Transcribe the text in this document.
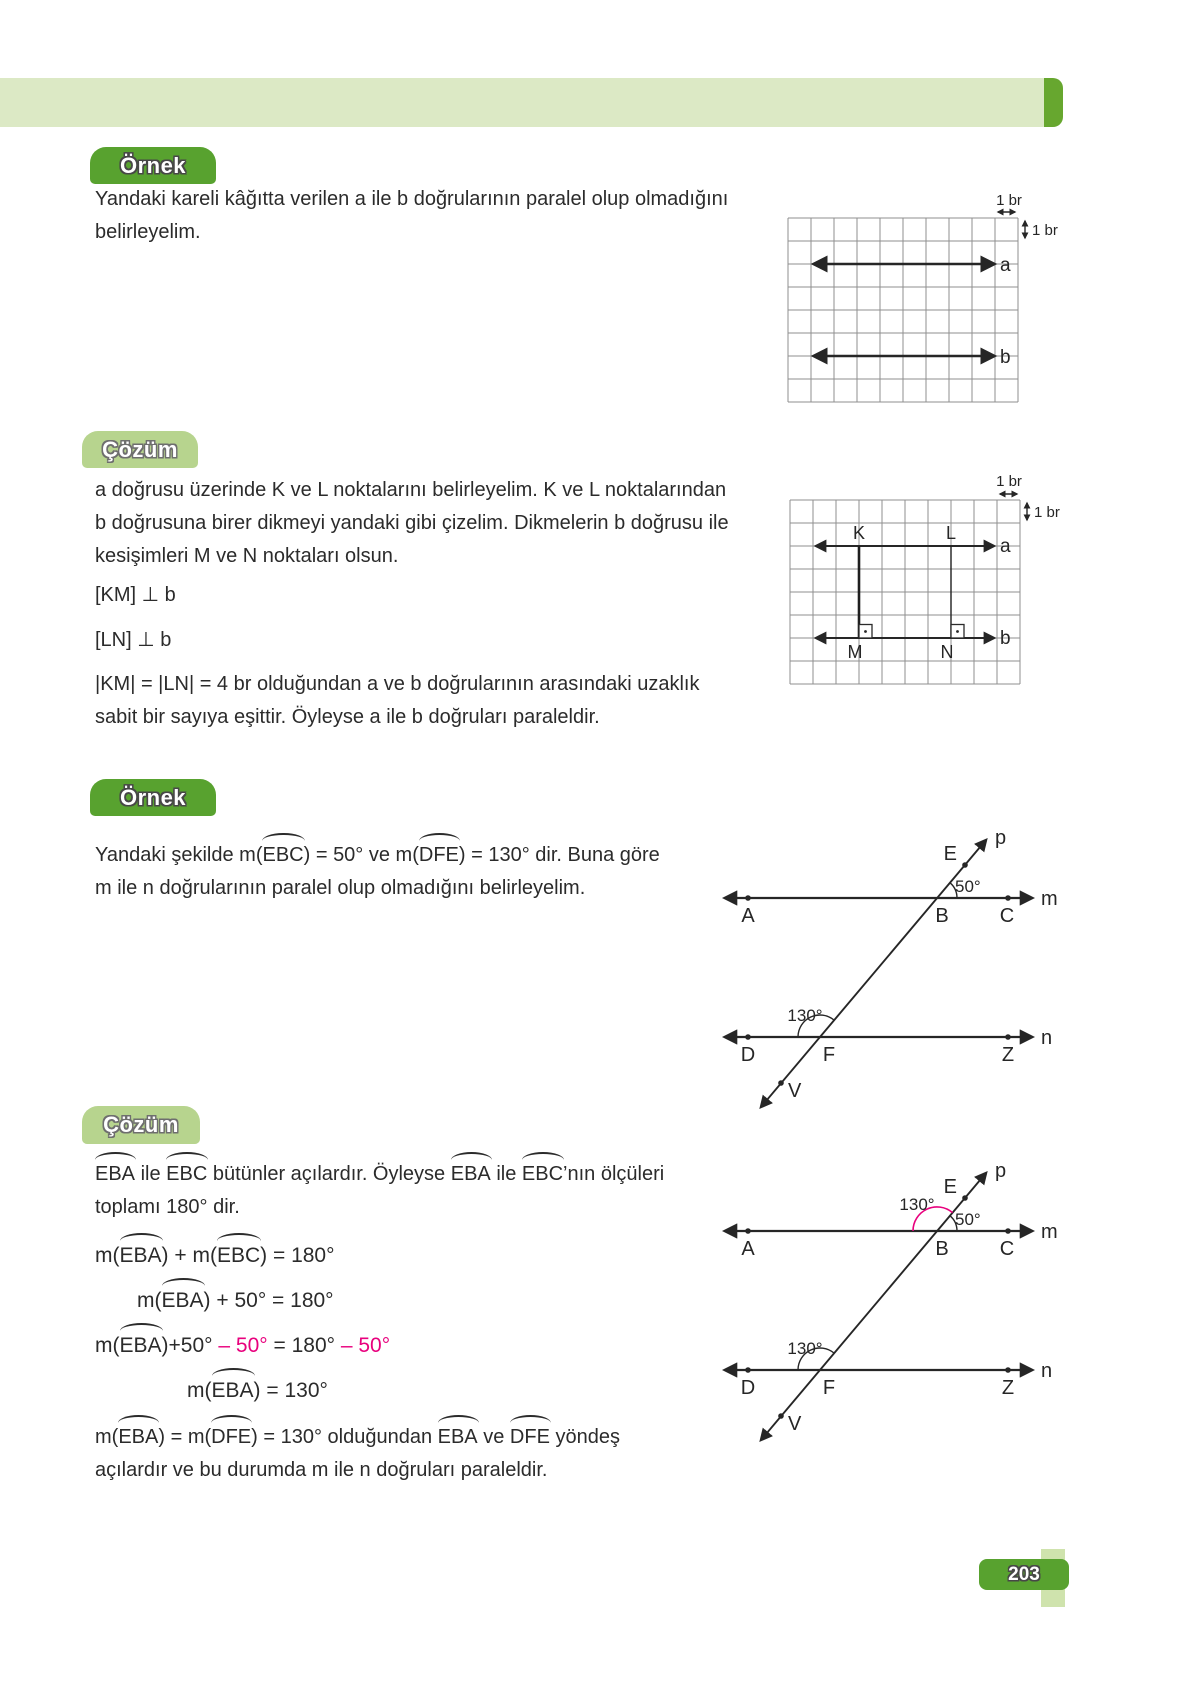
Örnek
Yandaki kareli kâğıtta verilen a ile b doğrularının paralel olup olmadığını
belirleyelim.
1 br
1 br
a
b
Çözüm
a doğrusu üzerinde K ve L noktalarını belirleyelim. K ve L noktalarından
b doğrusuna birer dikmeyi yandaki gibi çizelim. Dikmelerin b doğrusu ile
kesişimleri M ve N noktaları olsun.
[KM] ⊥ b
[LN] ⊥ b
|KM| = |LN| = 4 br olduğundan a ve b doğrularının arasındaki uzaklık
sabit bir sayıya eşittir. Öyleyse a ile b doğruları paraleldir.
1 br
1 br
K	L
M	N
a
b
Örnek
Yandaki şekilde m(EBC) = 50° ve m(DFE) = 130° dir. Buna göre
m ile n doğrularının paralel olup olmadığını belirleyelim.
A	B	C
E
p
m
50°
D	F	Z
n
130°
V
Çözüm
EBA ile EBC bütünler açılardır. Öyleyse EBA ile EBC’nın ölçüleri
toplamı 180° dir.
m(EBA) + m(EBC) = 180°
m(EBA) + 50° = 180°
m(EBA)+50° – 50° = 180° – 50°
m(EBA) = 130°
m(EBA) = m(DFE) = 130° olduğundan EBA ve DFE yöndeş
açılardır ve bu durumda m ile n doğruları paraleldir.
A	B	C
E
p
m
50°
130°
D	F	Z
n
130°
V
203
